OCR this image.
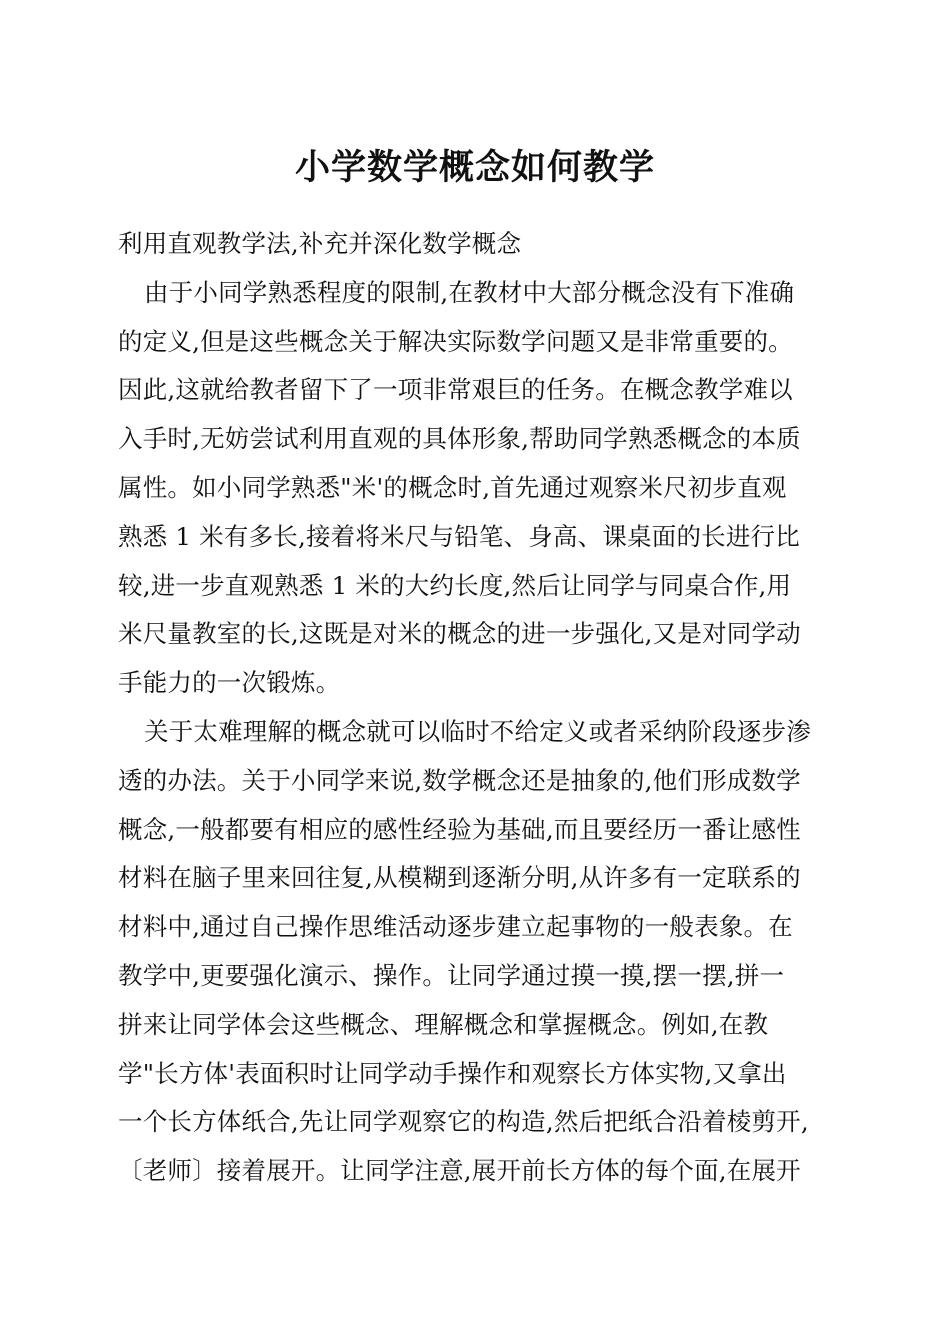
小学数学概念如何教学
利用直观教学法,补充并深化数学概念
由于小同学熟悉程度的限制,在教材中大部分概念没有下准确
的定义,但是这些概念关于解决实际数学问题又是非常重要的。
因此,这就给教者留下了一项非常艰巨的任务。在概念教学难以
入手时,无妨尝试利用直观的具体形象,帮助同学熟悉概念的本质
属性。如小同学熟悉"米'的概念时,首先通过观察米尺初步直观
熟悉 1 米有多长,接着将米尺与铅笔、身高、课桌面的长进行比
较,进一步直观熟悉 1 米的大约长度,然后让同学与同桌合作,用
米尺量教室的长,这既是对米的概念的进一步强化,又是对同学动
手能力的一次锻炼。
关于太难理解的概念就可以临时不给定义或者采纳阶段逐步渗
透的办法。关于小同学来说,数学概念还是抽象的,他们形成数学
概念,一般都要有相应的感性经验为基础,而且要经历一番让感性
材料在脑子里来回往复,从模糊到逐渐分明,从许多有一定联系的
材料中,通过自己操作思维活动逐步建立起事物的一般表象。在
教学中,更要强化演示、操作。让同学通过摸一摸,摆一摆,拼一
拼来让同学体会这些概念、理解概念和掌握概念。例如,在教
学"长方体'表面积时让同学动手操作和观察长方体实物,又拿出
一个长方体纸合,先让同学观察它的构造,然后把纸合沿着棱剪开,
〔老师〕接着展开。让同学注意,展开前长方体的每个面,在展开
